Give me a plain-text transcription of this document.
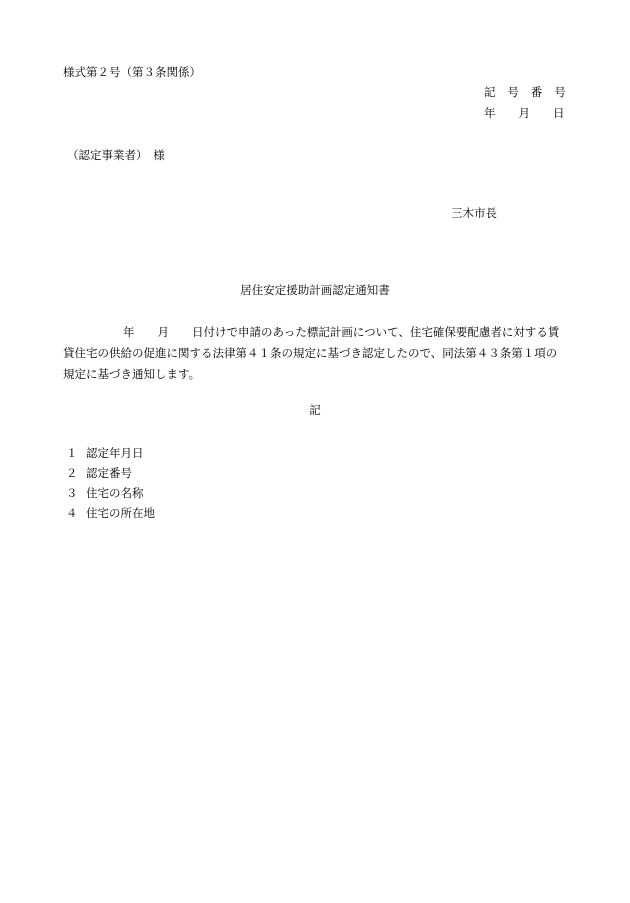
様式第２号（第３条関係）
記　号　番　号
年　　月　　日
（認定事業者）　様
三木市長
居住安定援助計画認定通知書
年　　月　　日付けで申請のあった標記計画について、住宅確保要配慮者に対する賃
貸住宅の供給の促進に関する法律第４１条の規定に基づき認定したので、同法第４３条第１項の
規定に基づき通知します。
記
１ 認定年月日
２ 認定番号
３ 住宅の名称
４ 住宅の所在地
